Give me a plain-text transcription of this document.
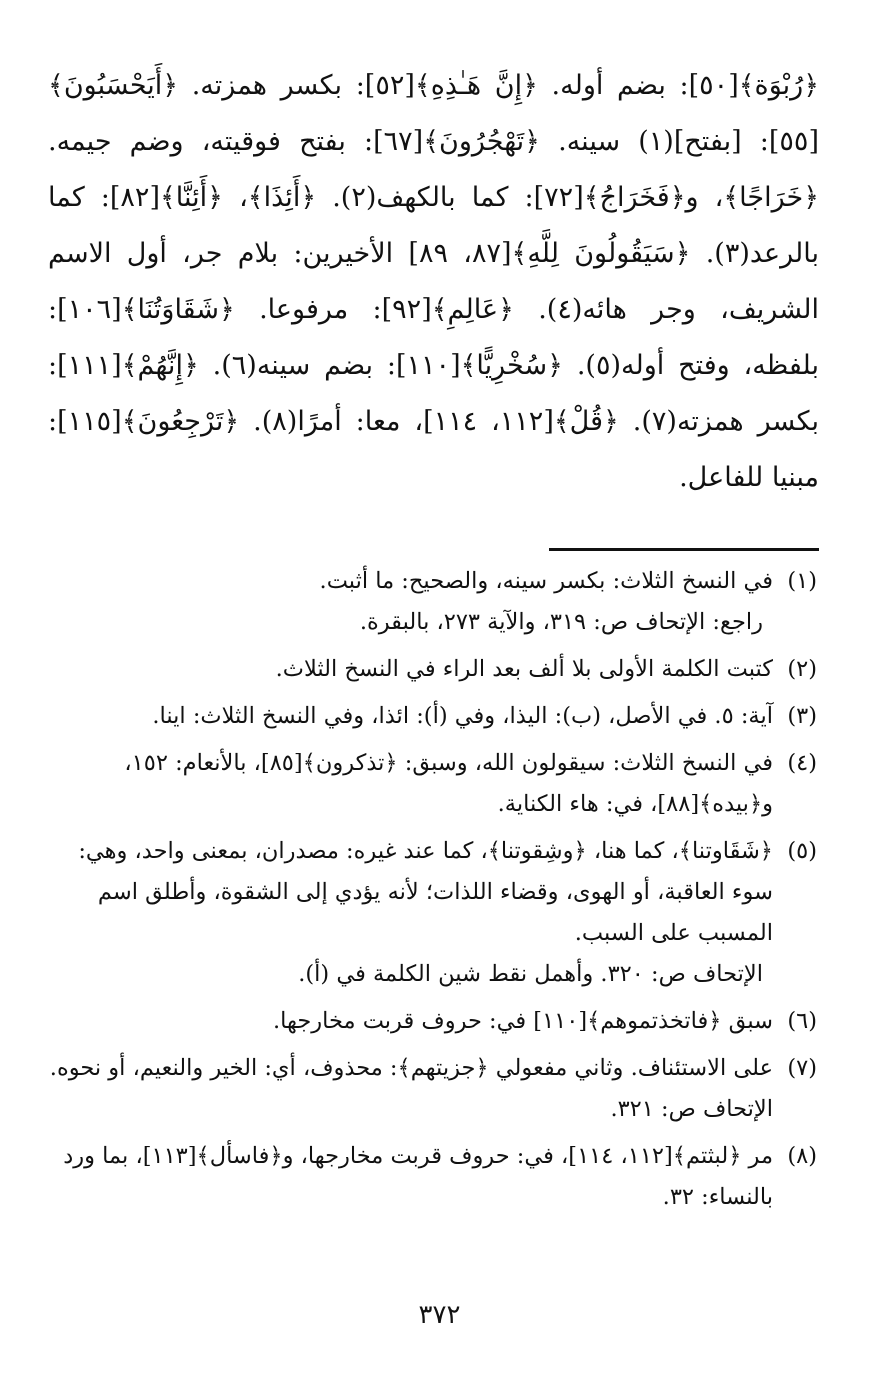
﴿رُبْوَة﴾[٥٠]: بضم أوله. ﴿إِنَّ هَـٰذِهِ﴾[٥٢]: بكسر همزته. ﴿أَيَحْسَبُونَ﴾[٥٥]: [بفتح](١) سينه. ﴿تَهْجُرُونَ﴾[٦٧]: بفتح فوقيته، وضم جيمه. ﴿خَرَاجًا﴾، و﴿فَخَرَاجُ﴾[٧٢]: كما بالكهف(٢). ﴿أَئِذَا﴾، ﴿أَئِنَّا﴾[٨٢]: كما بالرعد(٣). ﴿سَيَقُولُونَ لِلَّهِ﴾[٨٧، ٨٩] الأخيرين: بلام جر، أول الاسم الشريف، وجر هائه(٤). ﴿عَالِمِ﴾[٩٢]: مرفوعا. ﴿شَقَاوَتُنَا﴾[١٠٦]: بلفظه، وفتح أوله(٥). ﴿سُخْرِيًّا﴾[١١٠]: بضم سينه(٦). ﴿إِنَّهُمْ﴾[١١١]: بكسر همزته(٧). ﴿قُلْ﴾[١١٢، ١١٤]، معا: أمرًا(٨). ﴿تَرْجِعُونَ﴾[١١٥]: مبنيا للفاعل.

(١)
في النسخ الثلاث: بكسر سينه، والصحيح: ما أثبت.
راجع: الإتحاف ص: ٣١٩، والآية ٢٧٣، بالبقرة.

(٢)
كتبت الكلمة الأولى بلا ألف بعد الراء في النسخ الثلاث.

(٣)
آية: ٥. في الأصل، (ب): اليذا، وفي (أ): ائذا، وفي النسخ الثلاث: اينا.

(٤)
في النسخ الثلاث: سيقولون الله، وسبق: ﴿تذكرون﴾[٨٥]، بالأنعام: ١٥٢، و﴿بيده﴾[٨٨]، في: هاء الكناية.

(٥)
﴿شَقَاوتنا﴾، كما هنا، ﴿وشِقوتنا﴾، كما عند غيره: مصدران، بمعنى واحد، وهي: سوء العاقبة، أو الهوى، وقضاء اللذات؛ لأنه يؤدي إلى الشقوة، وأطلق اسم المسبب على السبب.
الإتحاف ص: ٣٢٠. وأهمل نقط شين الكلمة في (أ).

(٦)
سبق ﴿فاتخذتموهم﴾[١١٠] في: حروف قربت مخارجها.

(٧)
على الاستئناف. وثاني مفعولي ﴿جزيتهم﴾: محذوف، أي: الخير والنعيم، أو نحوه. الإتحاف ص: ٣٢١.

(٨)
مر ﴿لبثتم﴾[١١٢، ١١٤]، في: حروف قربت مخارجها، و﴿فاسأل﴾[١١٣]، بما ورد بالنساء: ٣٢.

٣٧٢
